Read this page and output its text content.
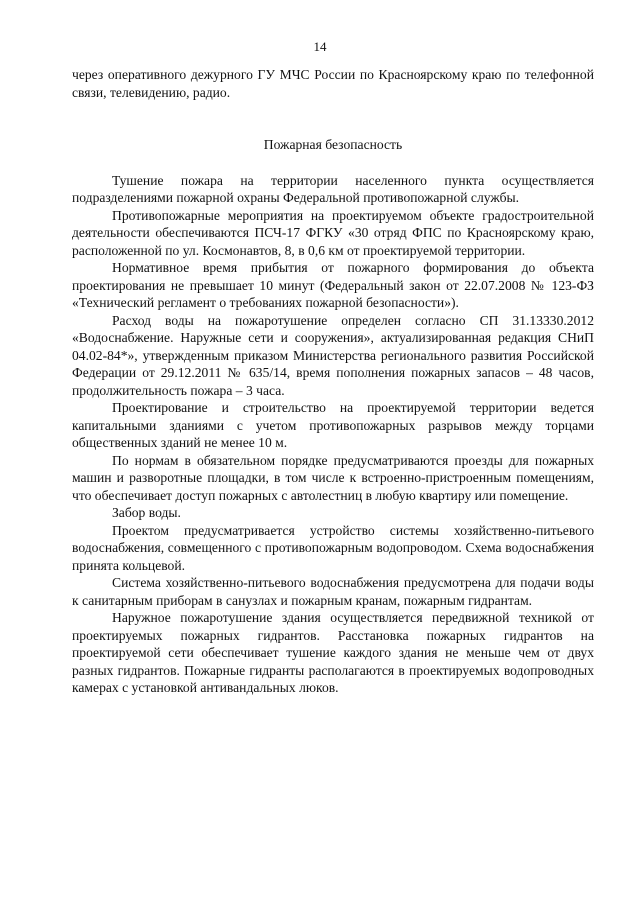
14

через оперативного дежурного ГУ МЧС России по Красноярскому краю по телефонной связи, телевидению, радио.

Пожарная безопасность

Тушение пожара на территории населенного пункта осуществляется подразделениями пожарной охраны Федеральной противопожарной службы.

Противопожарные мероприятия на проектируемом объекте градостроительной деятельности обеспечиваются ПСЧ-17 ФГКУ «30 отряд ФПС по Красноярскому краю, расположенной по ул. Космонавтов, 8, в 0,6 км от проектируемой территории.

Нормативное время прибытия от пожарного формирования до объекта проектирования не превышает 10 минут (Федеральный закон от 22.07.2008 № 123-ФЗ «Технический регламент о требованиях пожарной безопасности»).

Расход воды на пожаротушение определен согласно СП 31.13330.2012 «Водоснабжение. Наружные сети и сооружения», актуализированная редакция СНиП 04.02-84*», утвержденным приказом Министерства регионального развития Российской Федерации от 29.12.2011 № 635/14, время пополнения пожарных запасов – 48 часов, продолжительность пожара – 3 часа.

Проектирование и строительство на проектируемой территории ведется капитальными зданиями с учетом противопожарных разрывов между торцами общественных зданий не менее 10 м.

По нормам в обязательном порядке предусматриваются проезды для пожарных машин и разворотные площадки, в том числе к встроенно-пристроенным помещениям, что обеспечивает доступ пожарных с автолестниц в любую квартиру или помещение.

Забор воды.

Проектом предусматривается устройство системы хозяйственно-питьевого водоснабжения, совмещенного с противопожарным водопроводом. Схема водоснабжения принята кольцевой.

Система хозяйственно-питьевого водоснабжения предусмотрена для подачи воды к санитарным приборам в санузлах и пожарным кранам, пожарным гидрантам.

Наружное пожаротушение здания осуществляется передвижной техникой от проектируемых пожарных гидрантов. Расстановка пожарных гидрантов на проектируемой сети обеспечивает тушение каждого здания не меньше чем от двух разных гидрантов. Пожарные гидранты располагаются в проектируемых водопроводных камерах с установкой антивандальных люков.
